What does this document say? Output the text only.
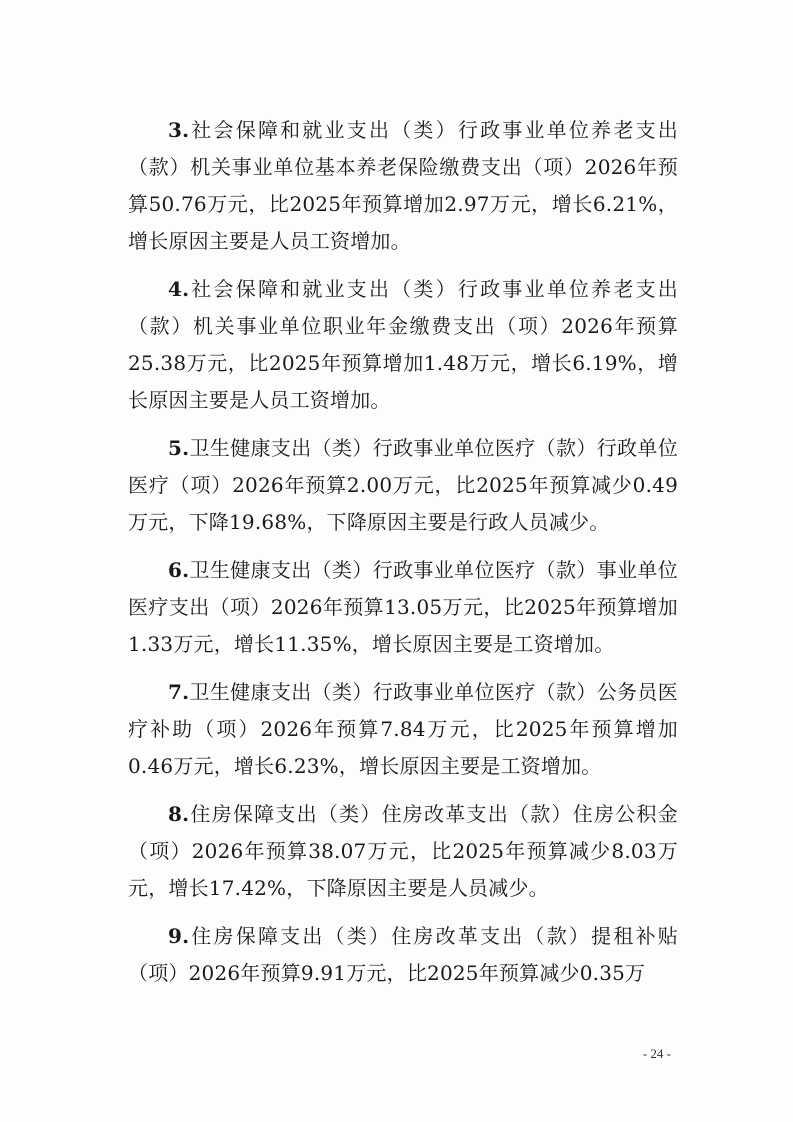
3.社会保障和就业支出（类）行政事业单位养老支出（款）机关事业单位基本养老保险缴费支出（项）2026年预算50.76万元，比2025年预算增加2.97万元，增长6.21%，增长原因主要是人员工资增加。

4.社会保障和就业支出（类）行政事业单位养老支出（款）机关事业单位职业年金缴费支出（项）2026年预算25.38万元，比2025年预算增加1.48万元，增长6.19%，增长原因主要是人员工资增加。

5.卫生健康支出（类）行政事业单位医疗（款）行政单位医疗（项）2026年预算2.00万元，比2025年预算减少0.49万元，下降19.68%，下降原因主要是行政人员减少。

6.卫生健康支出（类）行政事业单位医疗（款）事业单位医疗支出（项）2026年预算13.05万元，比2025年预算增加1.33万元，增长11.35%，增长原因主要是工资增加。

7.卫生健康支出（类）行政事业单位医疗（款）公务员医疗补助（项）2026年预算7.84万元，比2025年预算增加0.46万元，增长6.23%，增长原因主要是工资增加。

8.住房保障支出（类）住房改革支出（款）住房公积金（项）2026年预算38.07万元，比2025年预算减少8.03万元，增长17.42%，下降原因主要是人员减少。

9.住房保障支出（类）住房改革支出（款）提租补贴（项）2026年预算9.91万元，比2025年预算减少0.35万

- 24 -
